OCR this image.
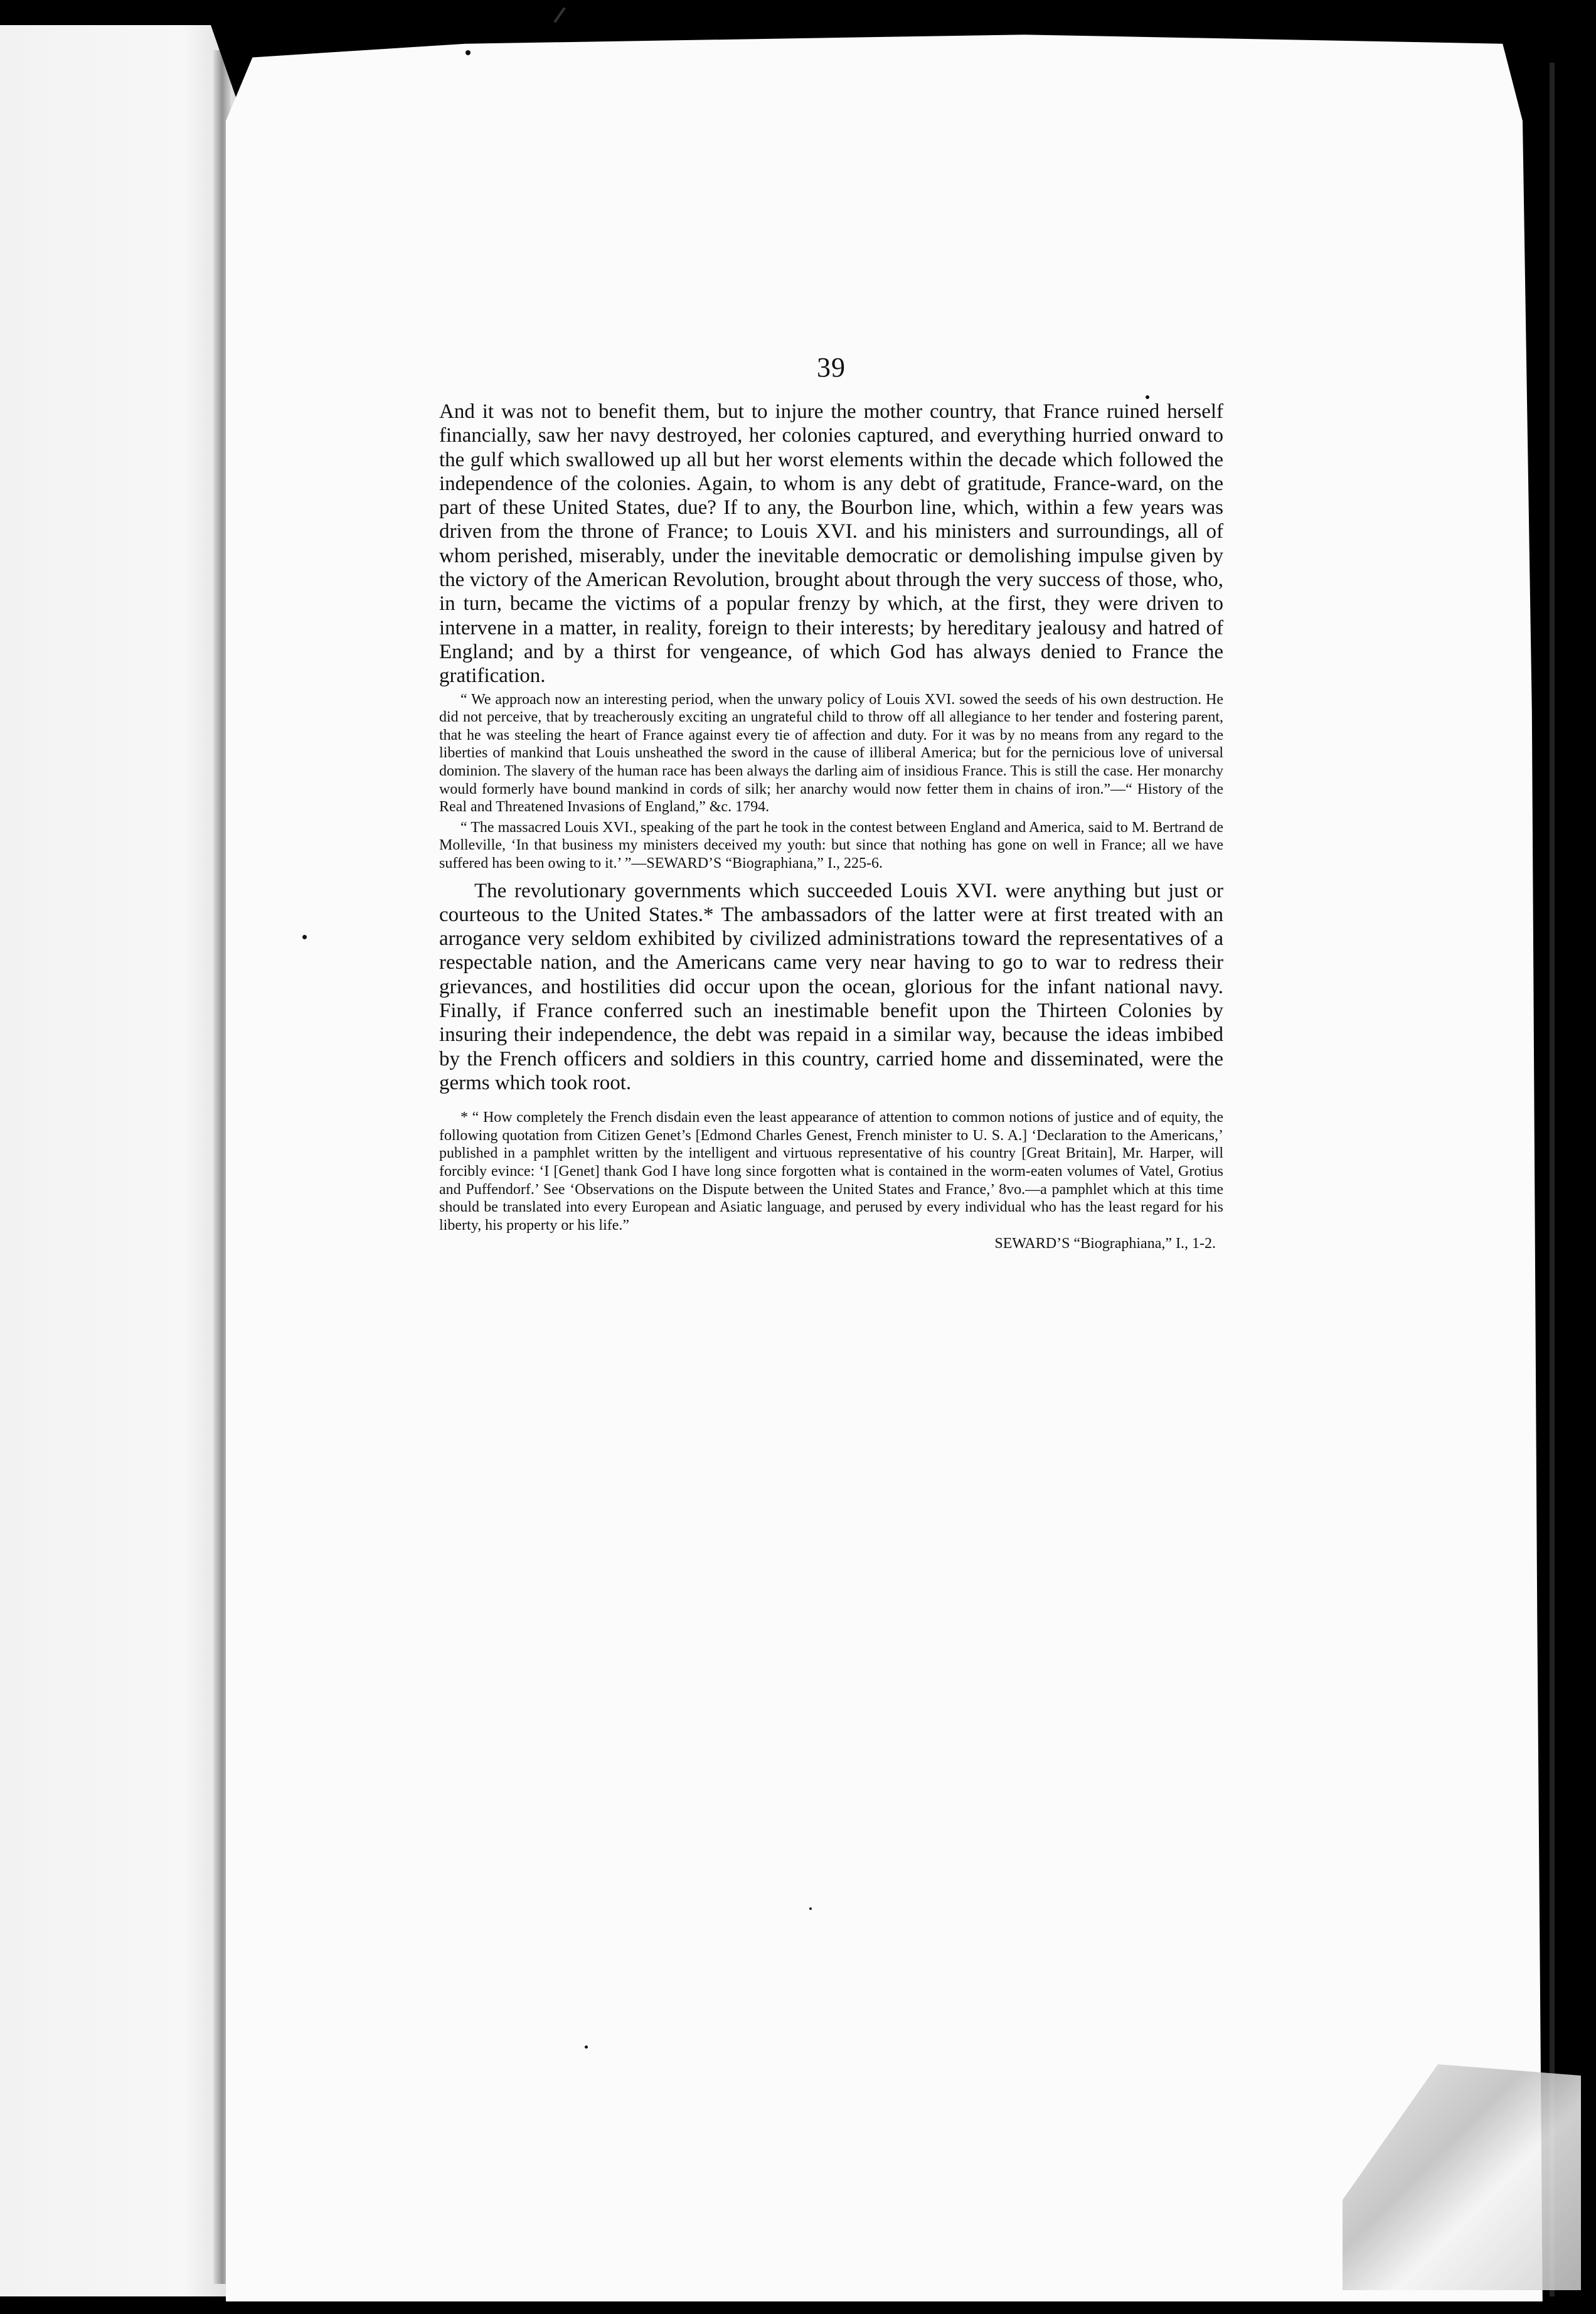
39

And it was not to benefit them, but to injure the mother country, that France ruined herself financially, saw her navy destroyed, her colonies captured, and everything hurried onward to the gulf which swallowed up all but her worst elements within the decade which followed the independence of the colonies. Again, to whom is any debt of gratitude, France-ward, on the part of these United States, due? If to any, the Bourbon line, which, within a few years was driven from the throne of France; to Louis XVI. and his ministers and surroundings, all of whom perished, miserably, under the inevitable democratic or demolishing impulse given by the victory of the American Revolution, brought about through the very success of those, who, in turn, became the victims of a popular frenzy by which, at the first, they were driven to intervene in a matter, in reality, foreign to their interests; by hereditary jealousy and hatred of England; and by a thirst for vengeance, of which God has always denied to France the gratification.

“ We approach now an interesting period, when the unwary policy of Louis XVI. sowed the seeds of his own destruction. He did not perceive, that by treacherously exciting an ungrateful child to throw off all allegiance to her tender and fostering parent, that he was steeling the heart of France against every tie of affection and duty. For it was by no means from any regard to the liberties of mankind that Louis unsheathed the sword in the cause of illiberal America; but for the pernicious love of universal dominion. The slavery of the human race has been always the darling aim of insidious France. This is still the case. Her monarchy would formerly have bound mankind in cords of silk; her anarchy would now fetter them in chains of iron.”—“ History of the Real and Threatened Invasions of England,” &c. 1794.

“ The massacred Louis XVI., speaking of the part he took in the contest between England and America, said to M. Bertrand de Molleville, ‘In that business my ministers deceived my youth: but since that nothing has gone on well in France; all we have suffered has been owing to it.’ ”—SEWARD’S “Biographiana,” I., 225-6.

The revolutionary governments which succeeded Louis XVI. were anything but just or courteous to the United States.* The ambassadors of the latter were at first treated with an arrogance very seldom exhibited by civilized administrations toward the representatives of a respectable nation, and the Americans came very near having to go to war to redress their grievances, and hostilities did occur upon the ocean, glorious for the infant national navy. Finally, if France conferred such an inestimable benefit upon the Thirteen Colonies by insuring their independence, the debt was repaid in a similar way, because the ideas imbibed by the French officers and soldiers in this country, carried home and disseminated, were the germs which took root.

* “ How completely the French disdain even the least appearance of attention to common notions of justice and of equity, the following quotation from Citizen Genet’s [Edmond Charles Genest, French minister to U. S. A.] ‘Declaration to the Americans,’ published in a pamphlet written by the intelligent and virtuous representative of his country [Great Britain], Mr. Harper, will forcibly evince: ‘I [Genet] thank God I have long since forgotten what is contained in the worm-eaten volumes of Vatel, Grotius and Puffendorf.’ See ‘Observations on the Dispute between the United States and France,’ 8vo.—a pamphlet which at this time should be translated into every European and Asiatic language, and perused by every individual who has the least regard for his liberty, his property or his life.”

SEWARD’S “Biographiana,” I., 1-2.
